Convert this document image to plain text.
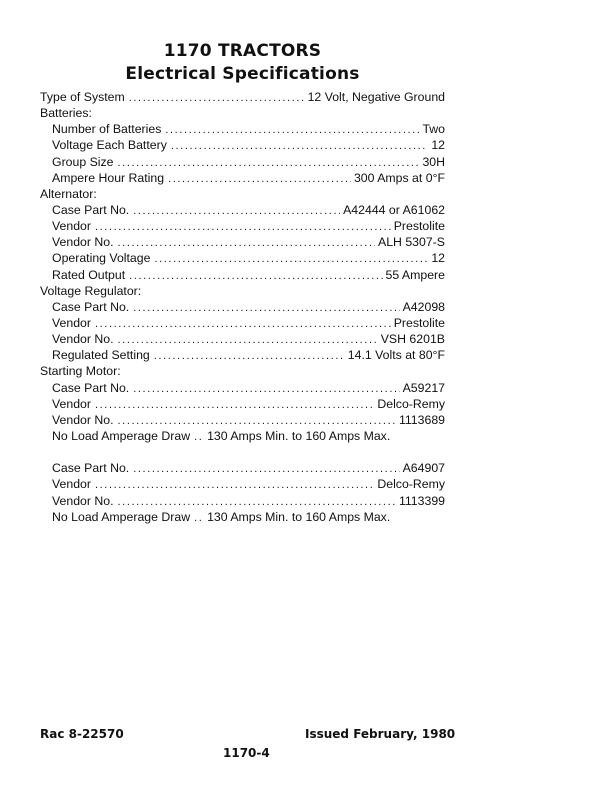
1170 TRACTORS
Electrical Specifications
Type of System .....	12 Volt, Negative Ground
Batteries:
Number of Batteries .....	Two
Voltage Each Battery .....	12
Group Size .....	30H
Ampere Hour Rating .....	300 Amps at 0°F
Alternator:
Case Part No. .....	A42444 or A61062
Vendor .....	Prestolite
Vendor No. .....	ALH 5307-S
Operating Voltage .....	12
Rated Output .....	55 Ampere
Voltage Regulator:
Case Part No. .....	A42098
Vendor .....	Prestolite
Vendor No. .....	VSH 6201B
Regulated Setting .....	14.1 Volts at 80°F
Starting Motor:
Case Part No. .....	A59217
Vendor .....	Delco-Remy
Vendor No. .....	1113689
No Load Amperage Draw .....	130 Amps Min. to 160 Amps Max.
Case Part No. .....	A64907
Vendor .....	Delco-Remy
Vendor No. .....	1113399
No Load Amperage Draw .....	130 Amps Min. to 160 Amps Max.
Rac 8-22570	Issued February, 1980
1170-4
